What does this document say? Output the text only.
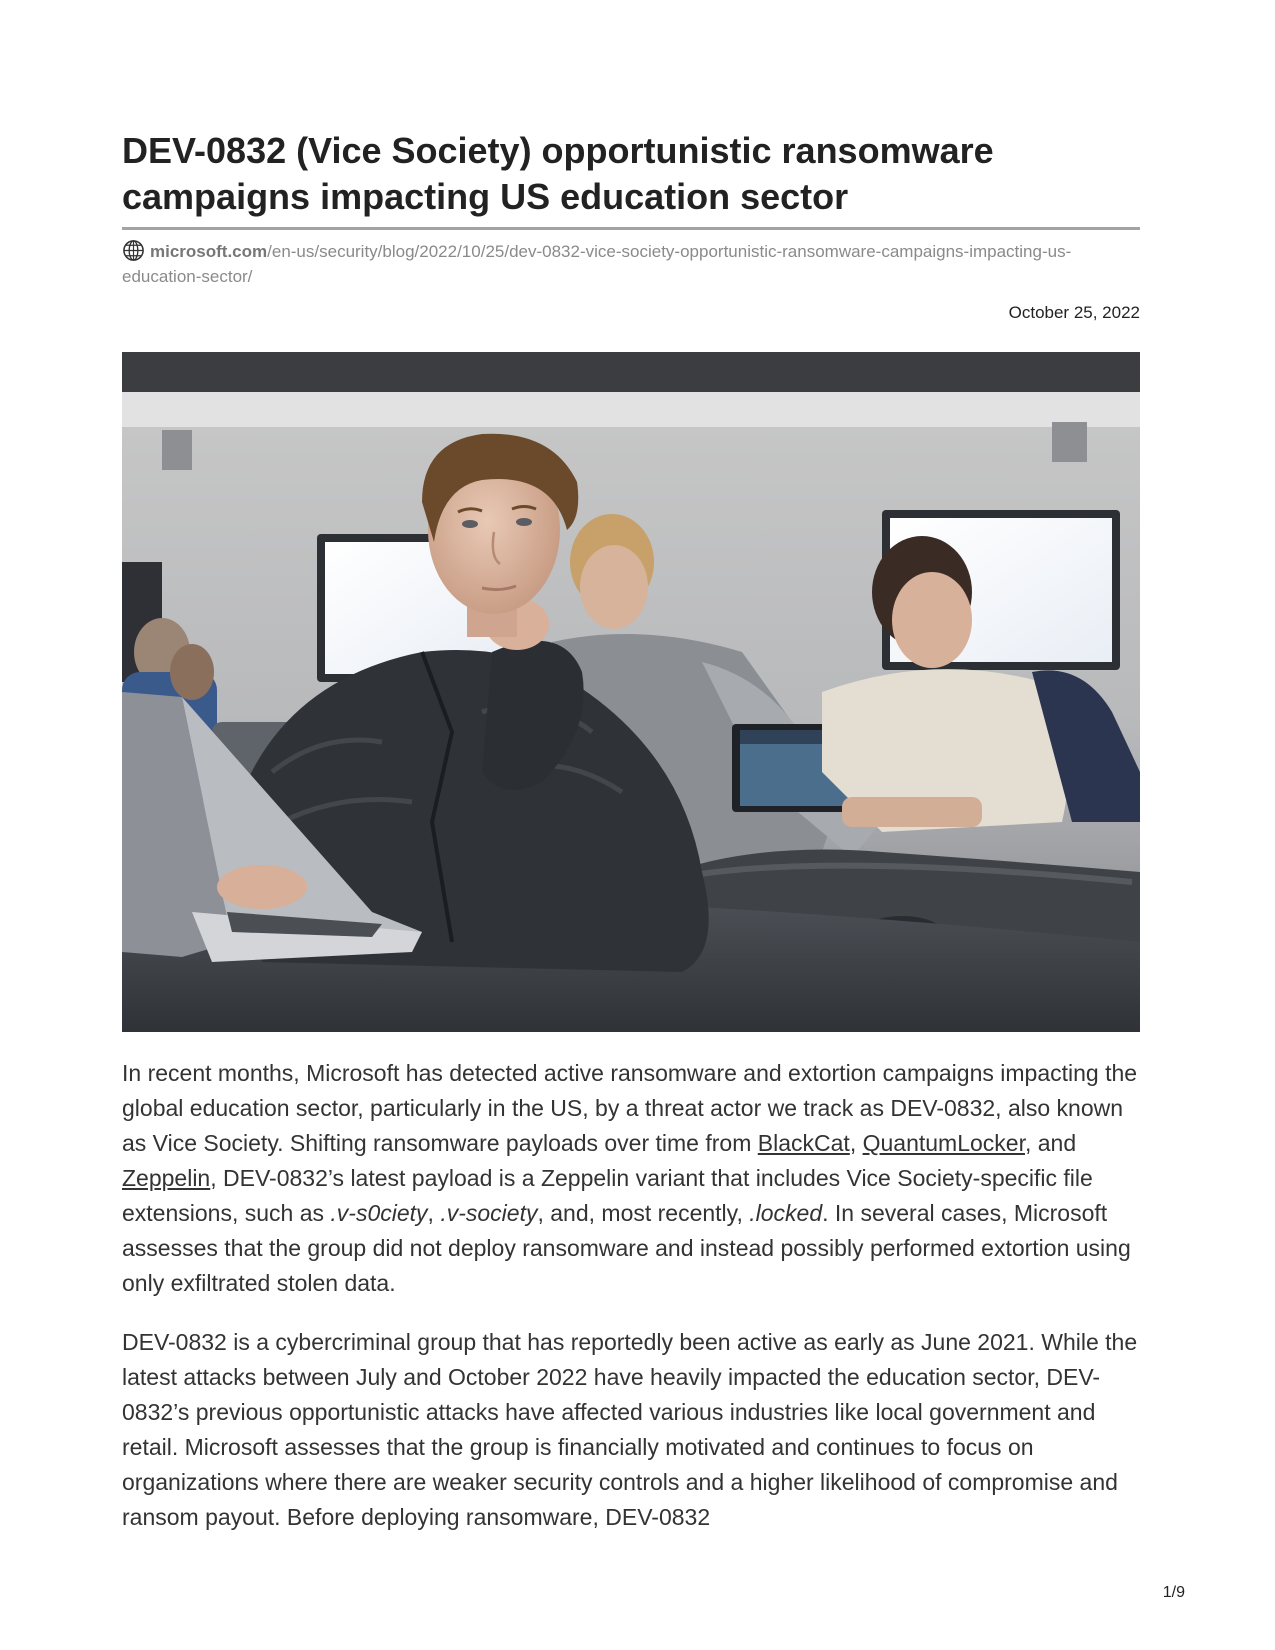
DEV-0832 (Vice Society) opportunistic ransomware
campaigns impacting US education sector
microsoft.com/en-us/security/blog/2022/10/25/dev-0832-vice-society-opportunistic-ransomware-campaigns-impacting-us-education-sector/
October 25, 2022

In recent months, Microsoft has detected active ransomware and extortion campaigns impacting the global education sector, particularly in the US, by a threat actor we track as DEV-0832, also known as Vice Society. Shifting ransomware payloads over time from BlackCat, QuantumLocker, and Zeppelin, DEV-0832’s latest payload is a Zeppelin variant that includes Vice Society-specific file extensions, such as .v-s0ciety, .v-society, and, most recently, .locked. In several cases, Microsoft assesses that the group did not deploy ransomware and instead possibly performed extortion using only exfiltrated stolen data.

DEV-0832 is a cybercriminal group that has reportedly been active as early as June 2021. While the latest attacks between July and October 2022 have heavily impacted the education sector, DEV-0832’s previous opportunistic attacks have affected various industries like local government and retail. Microsoft assesses that the group is financially motivated and continues to focus on organizations where there are weaker security controls and a higher likelihood of compromise and ransom payout. Before deploying ransomware, DEV-0832

1/9
